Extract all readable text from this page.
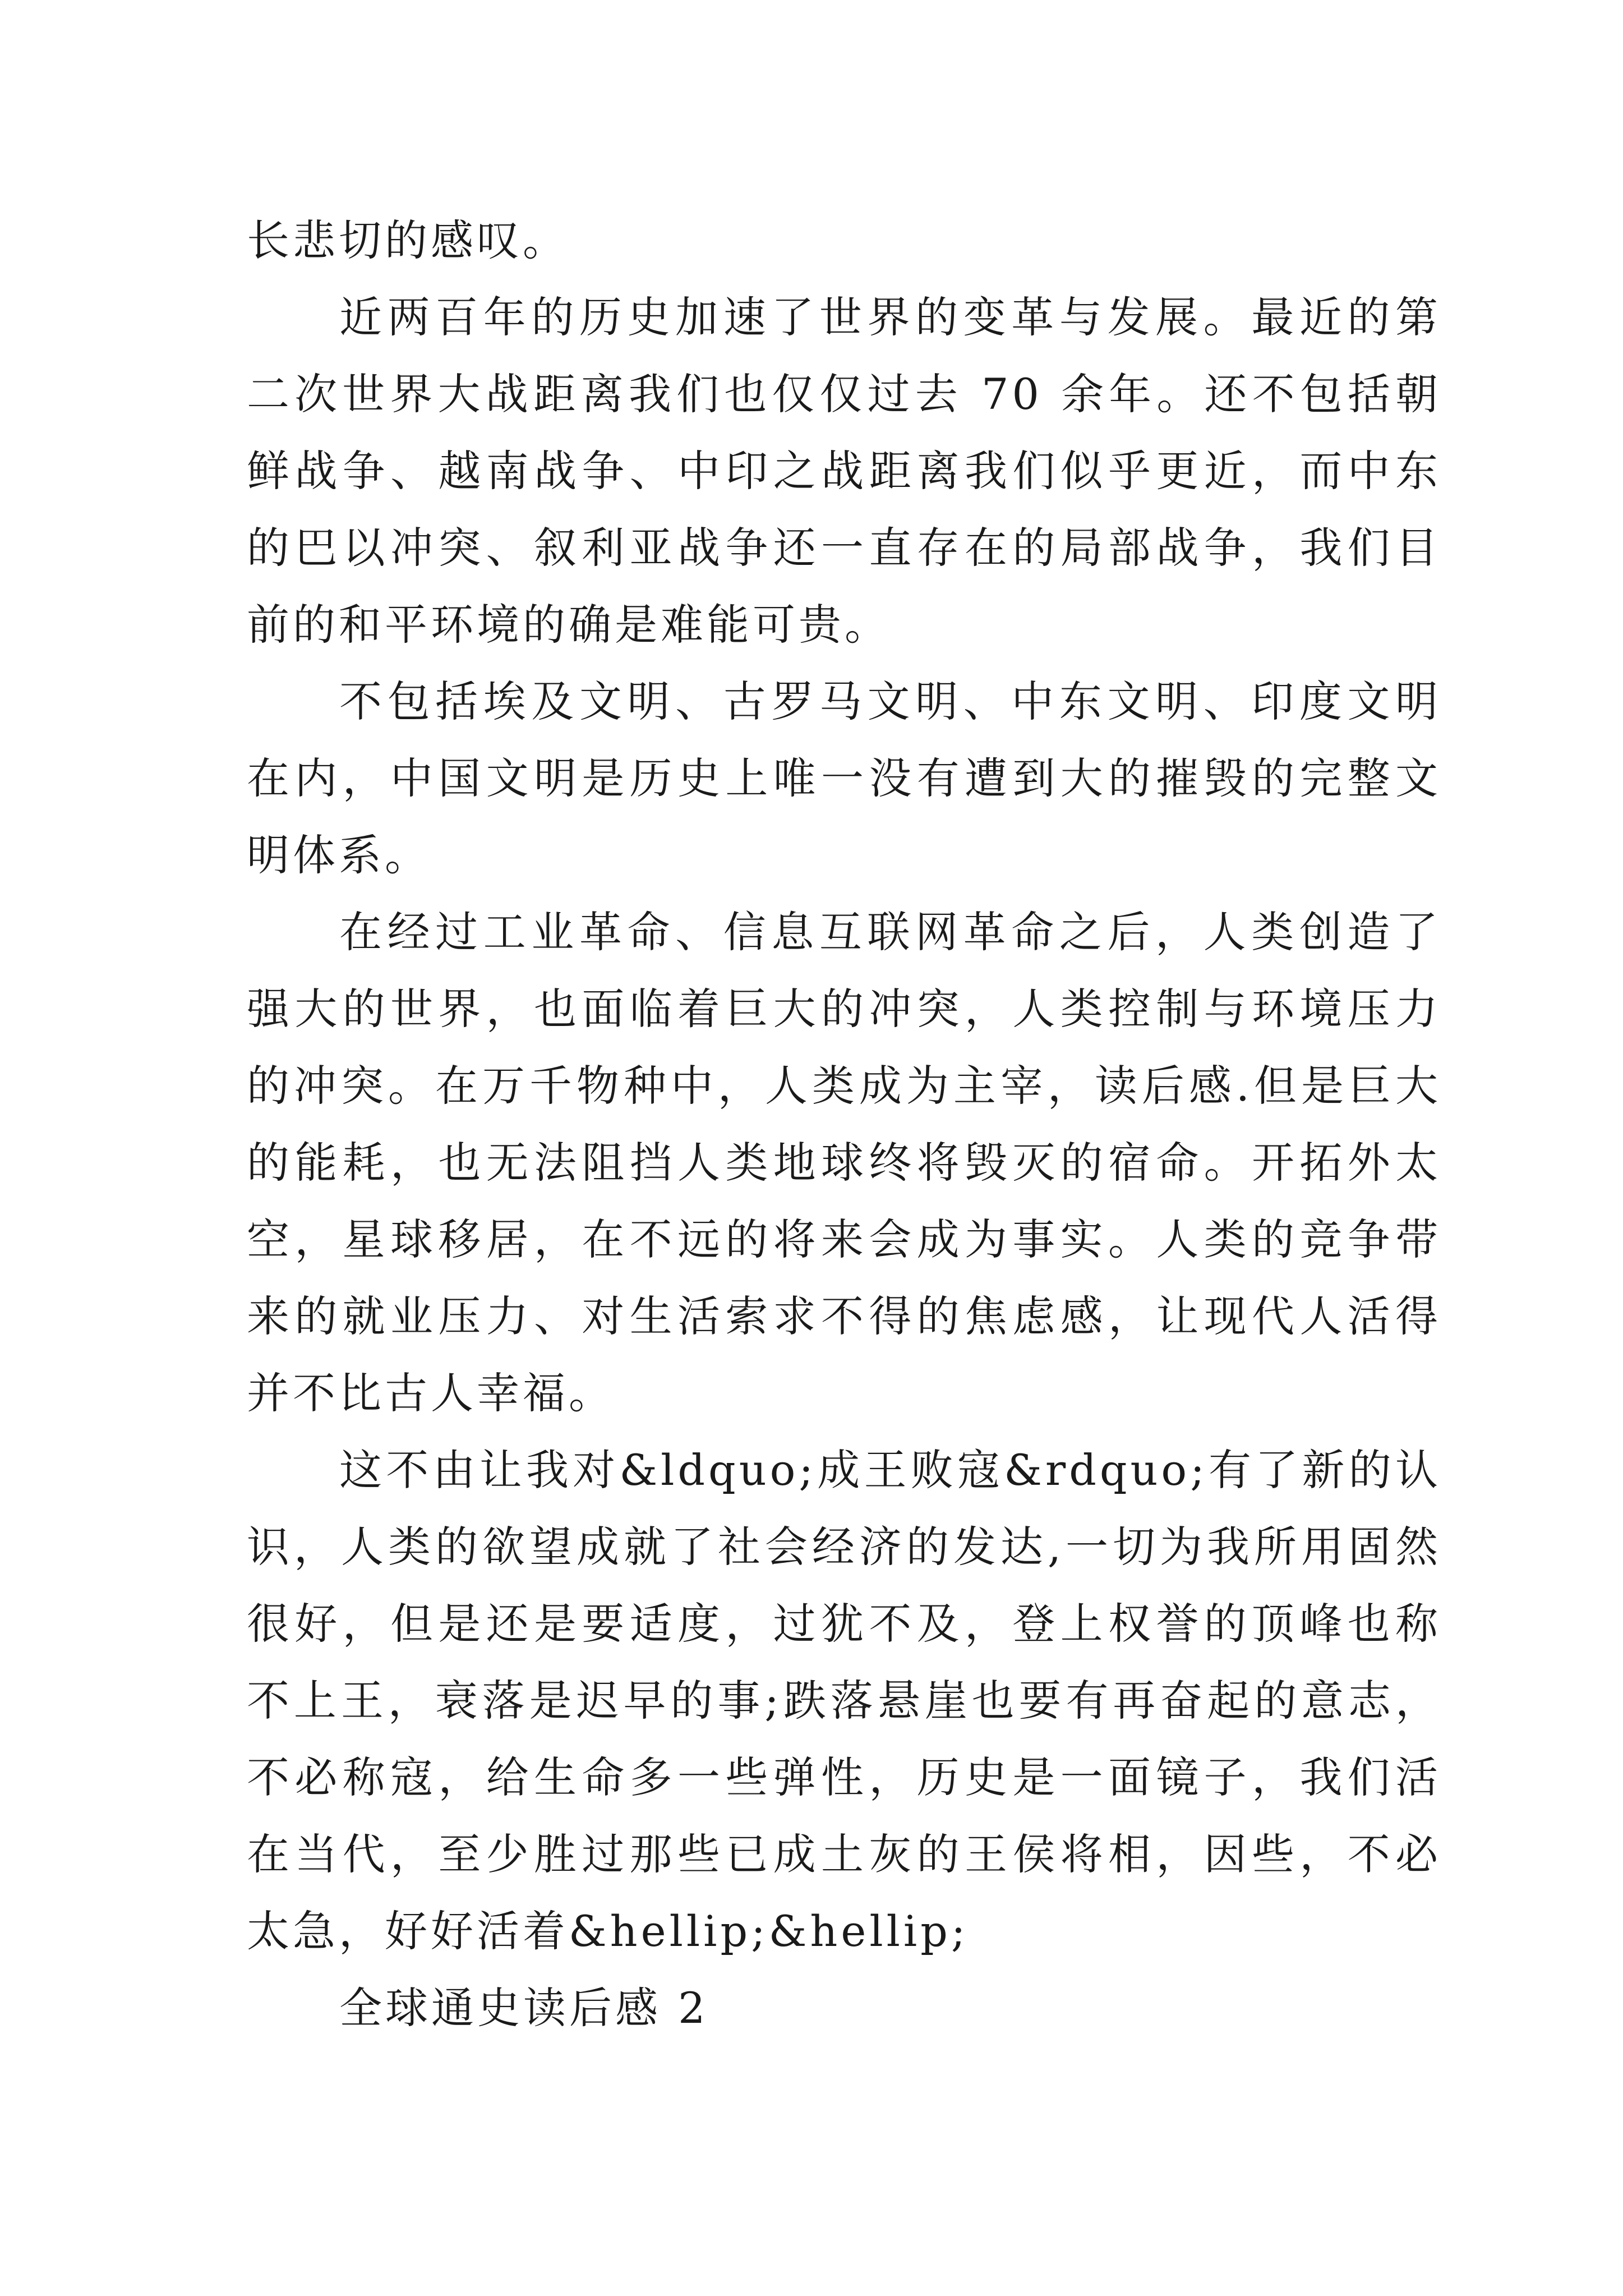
长悲切的感叹。

近两百年的历史加速了世界的变革与发展。最近的第二次世界大战距离我们也仅仅过去 70 余年。还不包括朝鲜战争、越南战争、中印之战距离我们似乎更近，而中东的巴以冲突、叙利亚战争还一直存在的局部战争，我们目前的和平环境的确是难能可贵。

不包括埃及文明、古罗马文明、中东文明、印度文明在内，中国文明是历史上唯一没有遭到大的摧毁的完整文明体系。

在经过工业革命、信息互联网革命之后，人类创造了强大的世界，也面临着巨大的冲突，人类控制与环境压力的冲突。在万千物种中，人类成为主宰，读后感.但是巨大的能耗，也无法阻挡人类地球终将毁灭的宿命。开拓外太空，星球移居，在不远的将来会成为事实。人类的竞争带来的就业压力、对生活索求不得的焦虑感，让现代人活得并不比古人幸福。

这不由让我对&ldquo;成王败寇&rdquo;有了新的认识，人类的欲望成就了社会经济的发达,一切为我所用固然很好，但是还是要适度，过犹不及，登上权誉的顶峰也称不上王，衰落是迟早的事;跌落悬崖也要有再奋起的意志，不必称寇，给生命多一些弹性，历史是一面镜子，我们活在当代，至少胜过那些已成土灰的王侯将相，因些，不必太急，好好活着&hellip;&hellip;

全球通史读后感 2
